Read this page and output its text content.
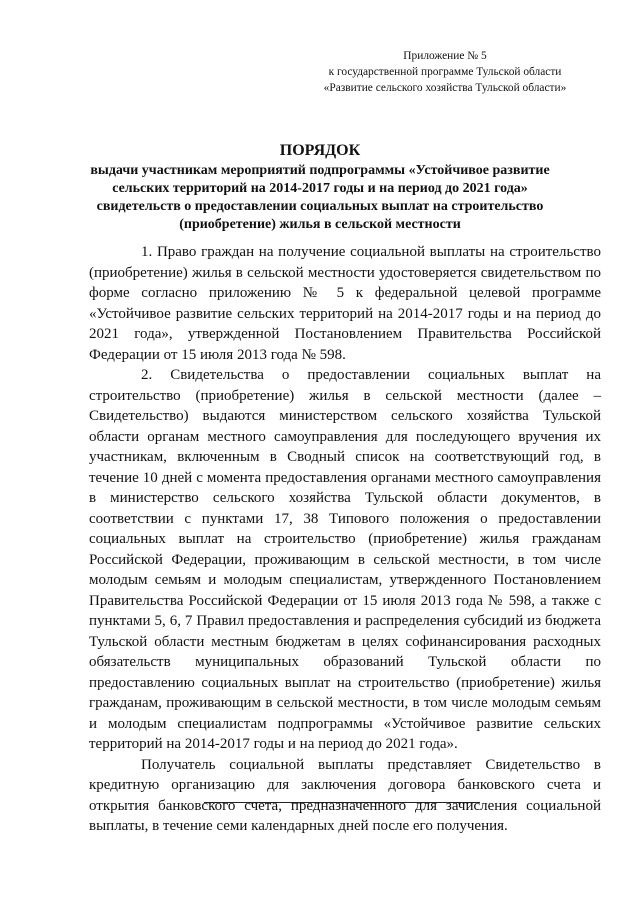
Приложение № 5
к государственной программе Тульской области
«Развитие сельского хозяйства Тульской области»
ПОРЯДОК
выдачи участникам мероприятий подпрограммы «Устойчивое развитие сельских территорий на 2014-2017 годы и на период до 2021 года» свидетельств о предоставлении социальных выплат на строительство (приобретение) жилья в сельской местности

1. Право граждан на получение социальной выплаты на строительство (приобретение) жилья в сельской местности удостоверяется свидетельством по форме согласно приложению № 5 к федеральной целевой программе «Устойчивое развитие сельских территорий на 2014-2017 годы и на период до 2021 года», утвержденной Постановлением Правительства Российской Федерации от 15 июля 2013 года № 598.

2. Свидетельства о предоставлении социальных выплат на строительство (приобретение) жилья в сельской местности (далее – Свидетельство) выдаются министерством сельского хозяйства Тульской области органам местного самоуправления для последующего вручения их участникам, включенным в Сводный список на соответствующий год, в течение 10 дней с момента предоставления органами местного самоуправления в министерство сельского хозяйства Тульской области документов, в соответствии с пунктами 17, 38 Типового положения о предоставлении социальных выплат на строительство (приобретение) жилья гражданам Российской Федерации, проживающим в сельской местности, в том числе молодым семьям и молодым специалистам, утвержденного Постановлением Правительства Российской Федерации от 15 июля 2013 года № 598, а также с пунктами 5, 6, 7 Правил предоставления и распределения субсидий из бюджета Тульской области местным бюджетам в целях софинансирования расходных обязательств муниципальных образований Тульской области по предоставлению социальных выплат на строительство (приобретение) жилья гражданам, проживающим в сельской местности, в том числе молодым семьям и молодым специалистам подпрограммы «Устойчивое развитие сельских территорий на 2014-2017 годы и на период до 2021 года».

Получатель социальной выплаты представляет Свидетельство в кредитную организацию для заключения договора банковского счета и открытия банковского счета, предназначенного для зачисления социальной выплаты, в течение семи календарных дней после его получения.
